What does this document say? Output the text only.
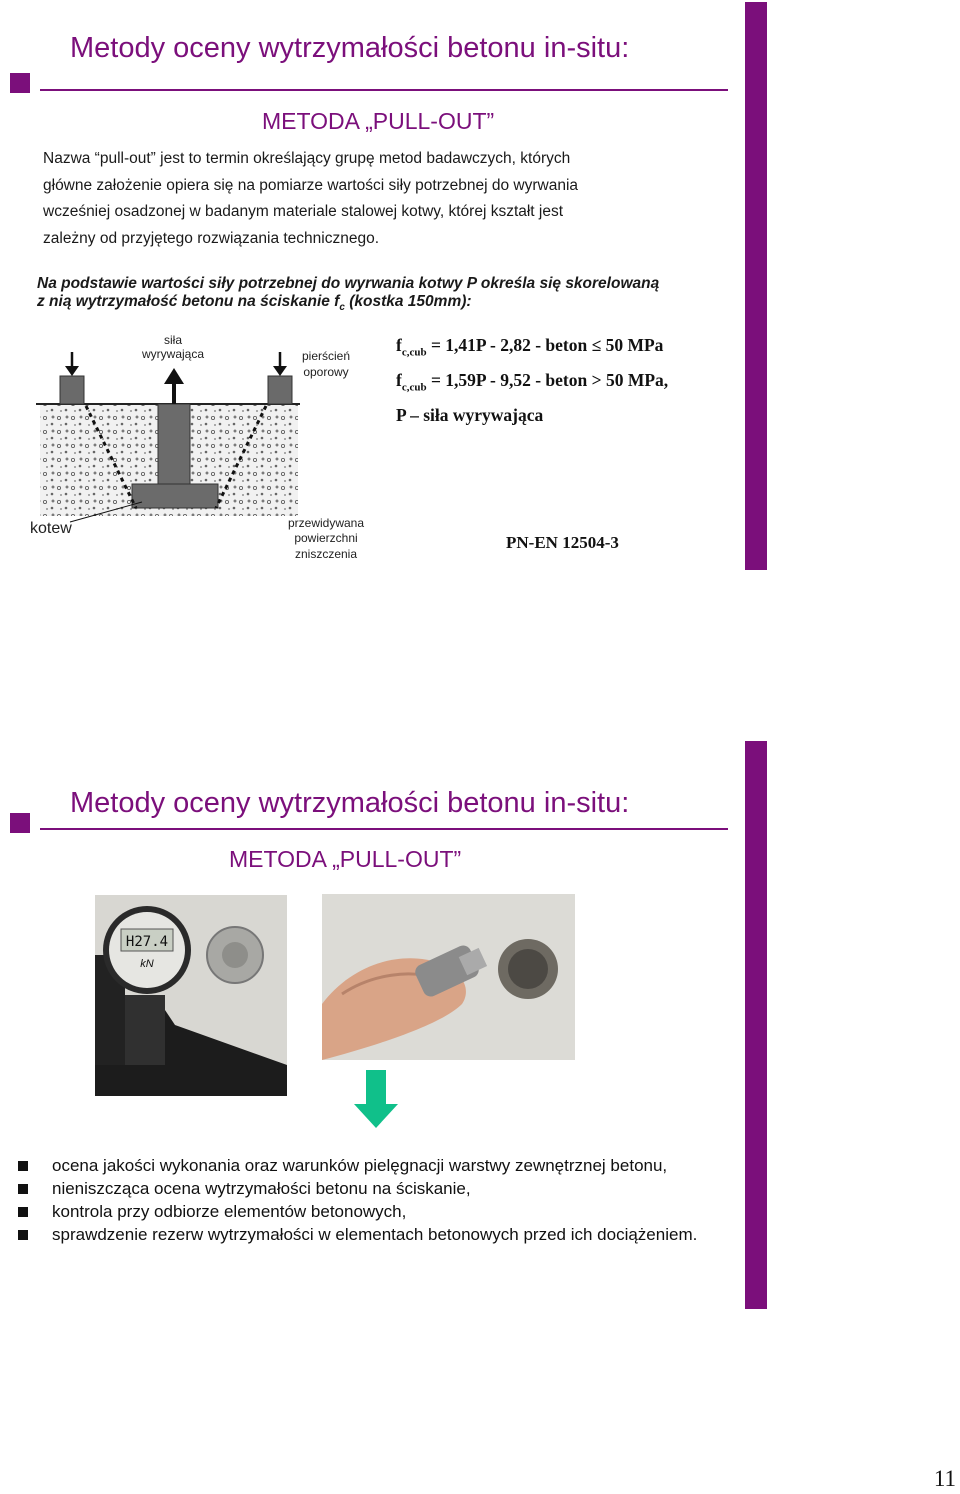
Metody oceny wytrzymałości betonu in-situ:
METODA „PULL-OUT”
Nazwa “pull-out” jest to termin określający grupę metod badawczych, których
główne założenie opiera się na pomiarze wartości siły potrzebnej do wyrwania
wcześniej osadzonej w badanym materiale stalowej kotwy, której kształt jest
zależny od przyjętego rozwiązania technicznego.
Na podstawie wartości siły potrzebnej do wyrwania kotwy P określa się skorelowaną
z nią wytrzymałość betonu na ściskanie $f_c$ (kostka 150mm):
siła
wyrywająca	pierścień
oporowy
kotew	przewidywana
powierzchni
zniszczenia
$f_{c,cub} = 1,41P - 2,82$ - beton ≤ 50 MPa
$f_{c,cub} = 1,59P - 9,52$ - beton > 50 MPa,
P – siła wyrywająca
PN-EN 12504-3
Metody oceny wytrzymałości betonu in-situ:
METODA „PULL-OUT”
H27.4
kN
ocena jakości wykonania oraz warunków pielęgnacji warstwy zewnętrznej betonu,
nieniszcząca ocena wytrzymałości betonu na ściskanie,
kontrola przy odbiorze elementów betonowych,
sprawdzenie rezerw wytrzymałości w elementach betonowych przed ich dociążeniem.
11
